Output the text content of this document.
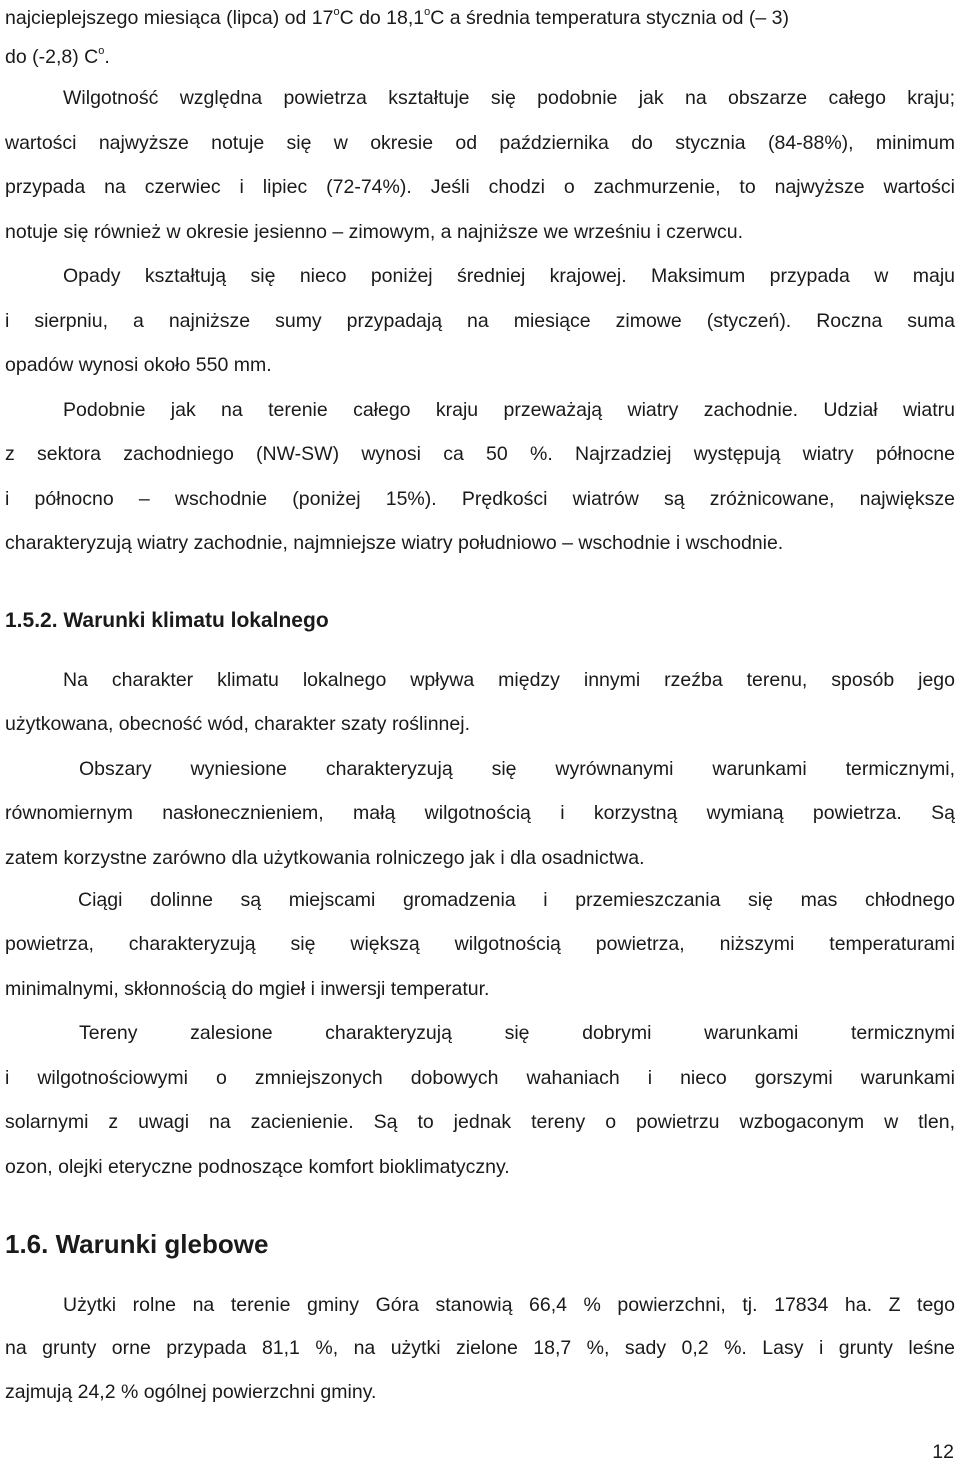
najcieplejszego miesiąca (lipca) od 17$^o$C do 18,1$^o$C a średnia temperatura stycznia od (– 3)
do (-2,8) $C^o$.
Wilgotność względna powietrza kształtuje się podobnie jak na obszarze całego kraju;
wartości najwyższe notuje się w okresie od października do stycznia (84-88%), minimum
przypada na czerwiec i lipiec (72-74%). Jeśli chodzi o zachmurzenie, to najwyższe wartości
notuje się również w okresie jesienno – zimowym, a najniższe we wrześniu i czerwcu.
Opady kształtują się nieco poniżej średniej krajowej. Maksimum przypada w maju
i sierpniu, a najniższe sumy przypadają na miesiące zimowe (styczeń). Roczna suma
opadów wynosi około 550 mm.
Podobnie jak na terenie całego kraju przeważają wiatry zachodnie. Udział wiatru
z sektora zachodniego (NW-SW) wynosi ca 50 %. Najrzadziej występują wiatry północne
i północno – wschodnie (poniżej 15%). Prędkości wiatrów są zróżnicowane, największe
charakteryzują wiatry zachodnie, najmniejsze wiatry południowo – wschodnie i wschodnie.
1.5.2. Warunki klimatu lokalnego
Na charakter klimatu lokalnego wpływa między innymi rzeźba terenu, sposób jego
użytkowana, obecność wód, charakter szaty roślinnej.
Obszary wyniesione charakteryzują się wyrównanymi warunkami termicznymi,
równomiernym nasłonecznieniem, małą wilgotnością i korzystną wymianą powietrza. Są
zatem korzystne zarówno dla użytkowania rolniczego jak i dla osadnictwa.
Ciągi dolinne są miejscami gromadzenia i przemieszczania się mas chłodnego
powietrza, charakteryzują się większą wilgotnością powietrza, niższymi temperaturami
minimalnymi, skłonnością do mgieł i inwersji temperatur.
Tereny zalesione charakteryzują się dobrymi warunkami termicznymi
i wilgotnościowymi o zmniejszonych dobowych wahaniach i nieco gorszymi warunkami
solarnymi z uwagi na zacienienie. Są to jednak tereny o powietrzu wzbogaconym w tlen,
ozon, olejki eteryczne podnoszące komfort bioklimatyczny.
1.6. Warunki glebowe
Użytki rolne na terenie gminy Góra stanowią 66,4 % powierzchni, tj. 17834 ha. Z tego
na grunty orne przypada 81,1 %, na użytki zielone 18,7 %, sady 0,2 %. Lasy i grunty leśne
zajmują 24,2 % ogólnej powierzchni gminy.
12
